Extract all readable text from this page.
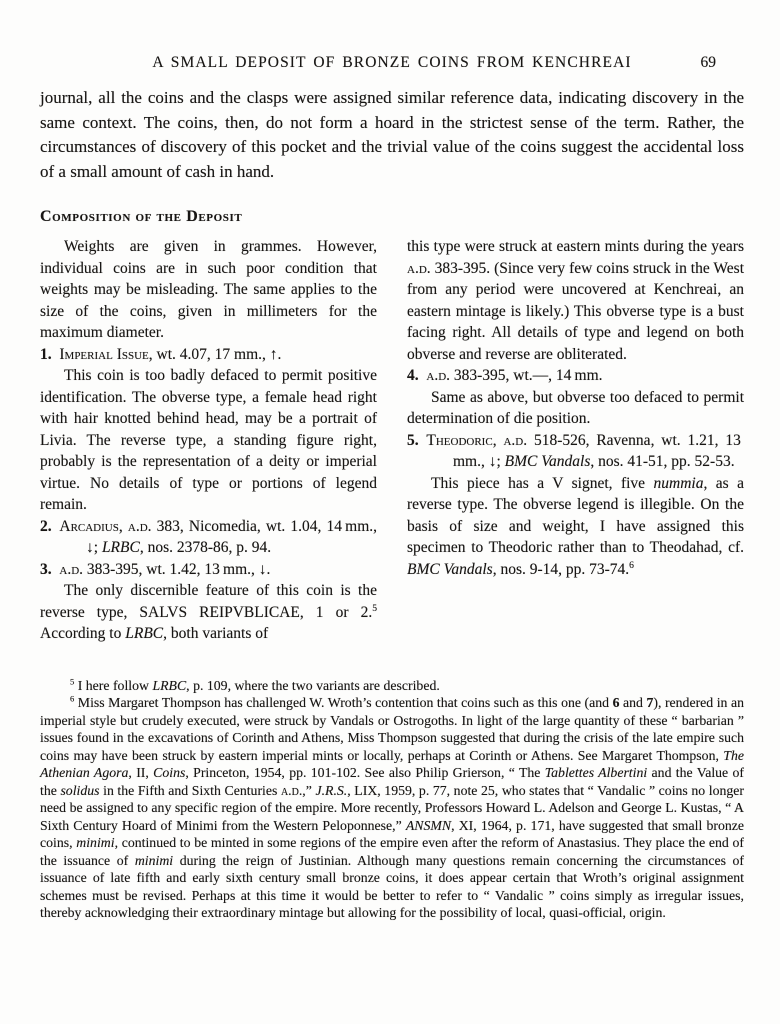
A SMALL DEPOSIT OF BRONZE COINS FROM KENCHREAI	69

journal, all the coins and the clasps were assigned similar reference data, indicating discovery in the same context. The coins, then, do not form a hoard in the strictest sense of the term. Rather, the circumstances of discovery of this pocket and the trivial value of the coins suggest the accidental loss of a small amount of cash in hand.

Composition of the Deposit

Weights are given in grammes. However, individual coins are in such poor condition that weights may be misleading. The same applies to the size of the coins, given in millimeters for the maximum diameter.

1.  Imperial Issue, wt. 4.07, 17 mm., ↑.

This coin is too badly defaced to permit positive identification. The obverse type, a female head right with hair knotted behind head, may be a portrait of Livia. The reverse type, a standing figure right, probably is the representation of a deity or imperial virtue. No details of type or portions of legend remain.

2.  Arcadius, a.d. 383, Nicomedia, wt. 1.04, 14 mm., ↓; LRBC, nos. 2378-86, p. 94.

3.  a.d. 383-395, wt. 1.42, 13 mm., ↓.

The only discernible feature of this coin is the reverse type, SALVS REIPVBLICAE, 1 or 2.$^5$ According to LRBC, both variants of

this type were struck at eastern mints during the years a.d. 383-395. (Since very few coins struck in the West from any period were uncovered at Kenchreai, an eastern mintage is likely.) This obverse type is a bust facing right. All details of type and legend on both obverse and reverse are obliterated.

4.  a.d. 383-395, wt.—, 14 mm.

Same as above, but obverse too defaced to permit determination of die position.

5.  Theodoric, a.d. 518-526, Ravenna, wt. 1.21, 13 mm., ↓; BMC Vandals, nos. 41-51, pp. 52-53.

This piece has a V signet, five nummia, as a reverse type. The obverse legend is illegible. On the basis of size and weight, I have assigned this specimen to Theodoric rather than to Theodahad, cf. BMC Vandals, nos. 9-14, pp. 73-74.$^6$

$^5$ I here follow LRBC, p. 109, where the two variants are described.

$^6$ Miss Margaret Thompson has challenged W. Wroth’s contention that coins such as this one (and 6 and 7), rendered in an imperial style but crudely executed, were struck by Vandals or Ostrogoths. In light of the large quantity of these “ barbarian ” issues found in the excavations of Corinth and Athens, Miss Thompson suggested that during the crisis of the late empire such coins may have been struck by eastern imperial mints or locally, perhaps at Corinth or Athens. See Margaret Thompson, The Athenian Agora, II, Coins, Princeton, 1954, pp. 101-102. See also Philip Grierson, “ The Tablettes Albertini and the Value of the solidus in the Fifth and Sixth Centuries a.d.,” J.R.S., LIX, 1959, p. 77, note 25, who states that “ Vandalic ” coins no longer need be assigned to any specific region of the empire. More recently, Professors Howard L. Adelson and George L. Kustas, “ A Sixth Century Hoard of Minimi from the Western Peloponnese,” ANSMN, XI, 1964, p. 171, have suggested that small bronze coins, minimi, continued to be minted in some regions of the empire even after the reform of Anastasius. They place the end of the issuance of minimi during the reign of Justinian. Although many questions remain concerning the circumstances of issuance of late fifth and early sixth century small bronze coins, it does appear certain that Wroth’s original assignment schemes must be revised. Perhaps at this time it would be better to refer to “ Vandalic ” coins simply as irregular issues, thereby acknowledging their extraordinary mintage but allowing for the possibility of local, quasi-official, origin.
